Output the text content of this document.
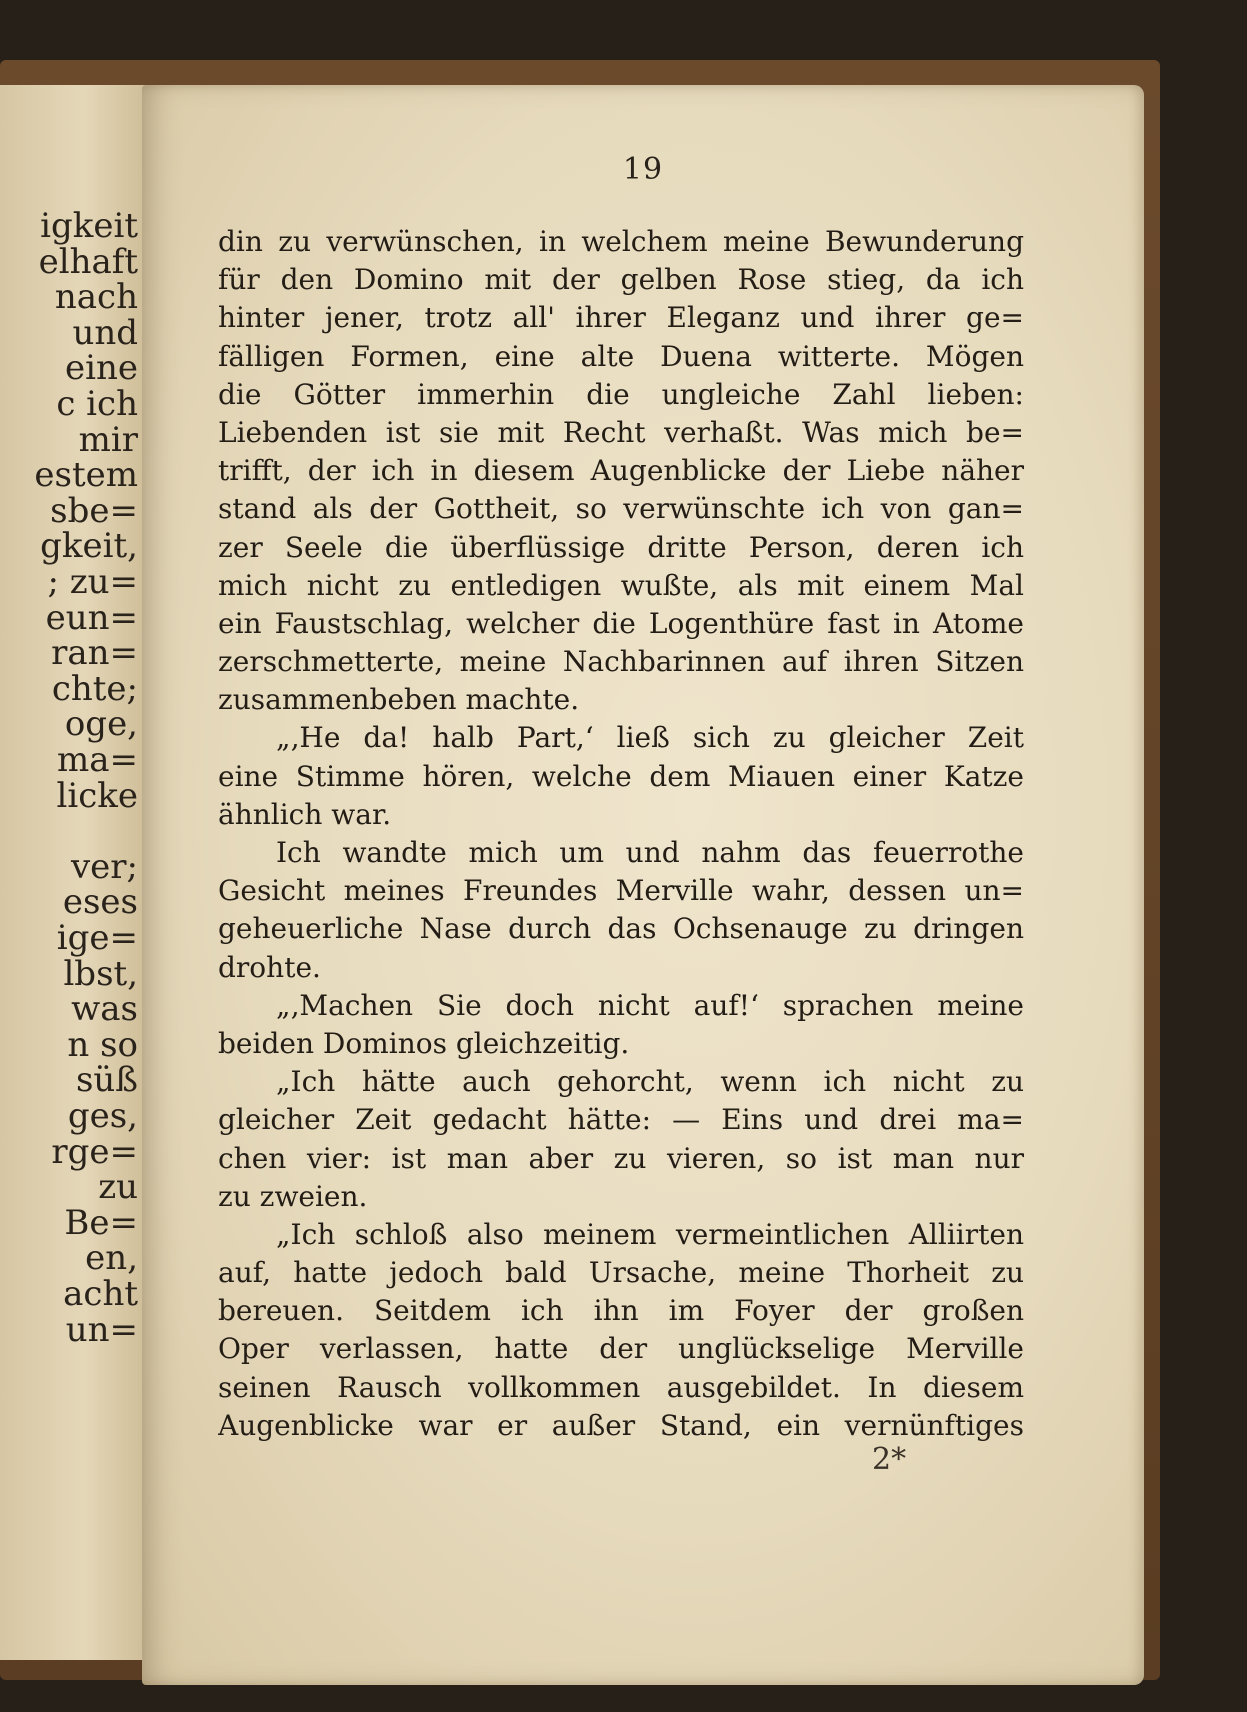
igkeit
elhaft
nach
und
eine
c ich
mir
estem
sbe=
gkeit,
; zu=
eun=
ran=
chte;
oge,
ma=
licke
ver;
eses
ige=
lbst,
was
n so
süß
ges,
rge=
zu
Be=
en,
acht
un=
19
din zu verwünschen, in welchem meine Bewunderung
für den Domino mit der gelben Rose stieg, da ich
hinter jener, trotz all' ihrer Eleganz und ihrer ge=
fälligen Formen, eine alte Duena witterte. Mögen
die Götter immerhin die ungleiche Zahl lieben:
Liebenden ist sie mit Recht verhaßt. Was mich be=
trifft, der ich in diesem Augenblicke der Liebe näher
stand als der Gottheit, so verwünschte ich von gan=
zer Seele die überflüssige dritte Person, deren ich
mich nicht zu entledigen wußte, als mit einem Mal
ein Faustschlag, welcher die Logenthüre fast in Atome
zerschmetterte, meine Nachbarinnen auf ihren Sitzen
zusammenbeben machte.
„‚He da! halb Part,‘ ließ sich zu gleicher Zeit
eine Stimme hören, welche dem Miauen einer Katze
ähnlich war.
Ich wandte mich um und nahm das feuerrothe
Gesicht meines Freundes Merville wahr, dessen un=
geheuerliche Nase durch das Ochsenauge zu dringen
drohte.
„‚Machen Sie doch nicht auf!‘ sprachen meine
beiden Dominos gleichzeitig.
„Ich hätte auch gehorcht, wenn ich nicht zu
gleicher Zeit gedacht hätte: — Eins und drei ma=
chen vier: ist man aber zu vieren, so ist man nur
zu zweien.
„Ich schloß also meinem vermeintlichen Alliirten
auf, hatte jedoch bald Ursache, meine Thorheit zu
bereuen. Seitdem ich ihn im Foyer der großen
Oper verlassen, hatte der unglückselige Merville
seinen Rausch vollkommen ausgebildet. In diesem
Augenblicke war er außer Stand, ein vernünftiges
2*
